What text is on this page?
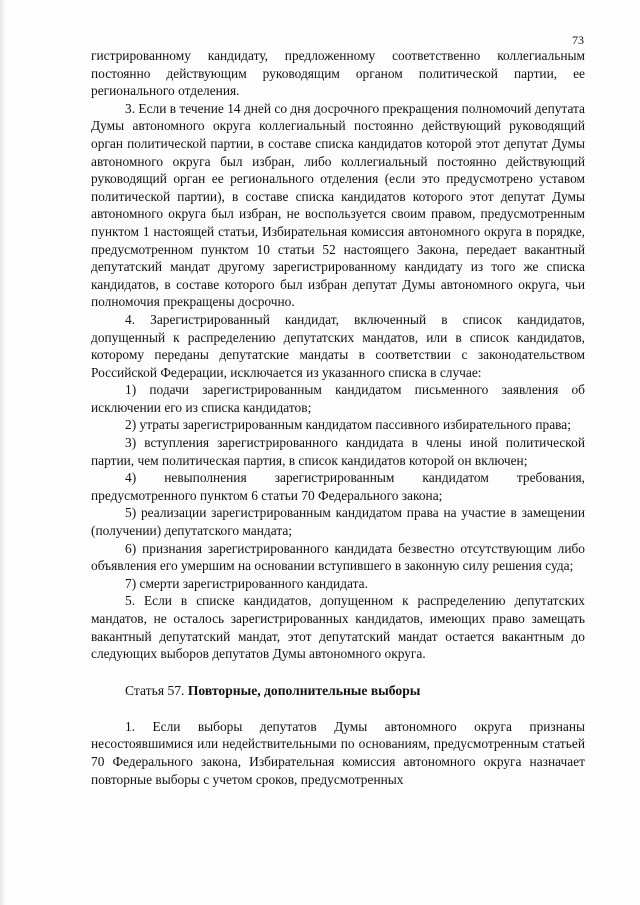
73

гистрированному кандидату, предложенному соответственно коллегиальным постоянно действующим руководящим органом политической партии, ее регионального отделения.

3. Если в течение 14 дней со дня досрочного прекращения полномочий депутата Думы автономного округа коллегиальный постоянно действующий руководящий орган политической партии, в составе списка кандидатов которой этот депутат Думы автономного округа был избран, либо коллегиальный постоянно действующий руководящий орган ее регионального отделения (если это предусмотрено уставом политической партии), в составе списка кандидатов которого этот депутат Думы автономного округа был избран, не воспользуется своим правом, предусмотренным пунктом 1 настоящей статьи, Избирательная комиссия автономного округа в порядке, предусмотренном пунктом 10 статьи 52 настоящего Закона, передает вакантный депутатский мандат другому зарегистрированному кандидату из того же списка кандидатов, в составе которого был избран депутат Думы автономного округа, чьи полномочия прекращены досрочно.

4. Зарегистрированный кандидат, включенный в список кандидатов, допущенный к распределению депутатских мандатов, или в список кандидатов, которому переданы депутатские мандаты в соответствии с законодательством Российской Федерации, исключается из указанного списка в случае:

1) подачи зарегистрированным кандидатом письменного заявления об исключении его из списка кандидатов;

2) утраты зарегистрированным кандидатом пассивного избирательного права;

3) вступления зарегистрированного кандидата в члены иной политической партии, чем политическая партия, в список кандидатов которой он включен;

4) невыполнения зарегистрированным кандидатом требования, предусмотренного пунктом 6 статьи 70 Федерального закона;

5) реализации зарегистрированным кандидатом права на участие в замещении (получении) депутатского мандата;

6) признания зарегистрированного кандидата безвестно отсутствующим либо объявления его умершим на основании вступившего в законную силу решения суда;

7) смерти зарегистрированного кандидата.

5. Если в списке кандидатов, допущенном к распределению депутатских мандатов, не осталось зарегистрированных кандидатов, имеющих право замещать вакантный депутатский мандат, этот депутатский мандат остается вакантным до следующих выборов депутатов Думы автономного округа.

Статья 57. Повторные, дополнительные выборы

1. Если выборы депутатов Думы автономного округа признаны несостоявшимися или недействительными по основаниям, предусмотренным статьей 70 Федерального закона, Избирательная комиссия автономного округа назначает повторные выборы с учетом сроков, предусмотренных
